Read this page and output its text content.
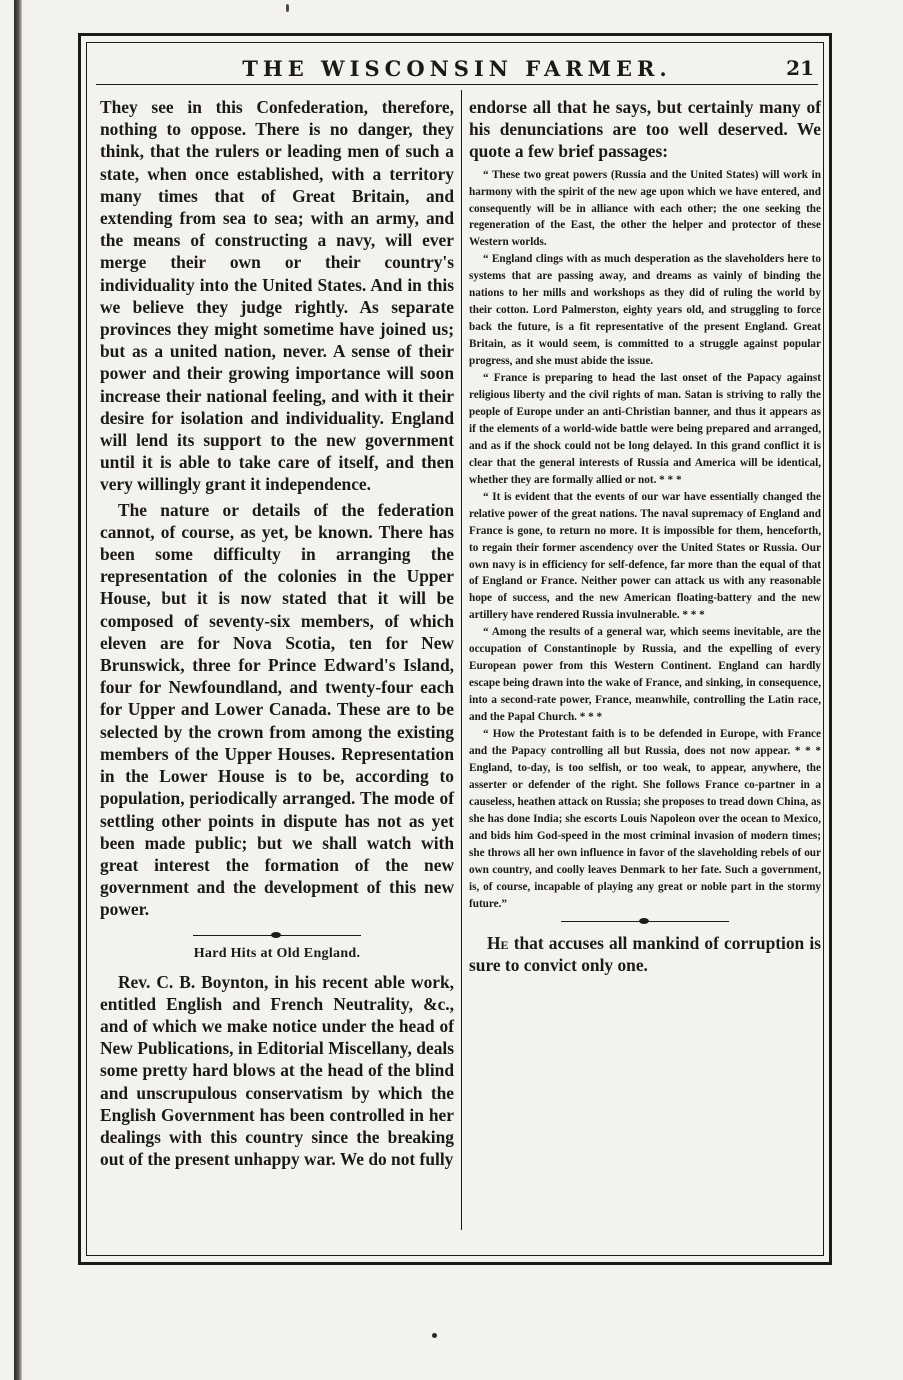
THE WISCONSIN FARMER.	21

They see in this Confederation, therefore, nothing to oppose. There is no danger, they think, that the rulers or leading men of such a state, when once established, with a territory many times that of Great Britain, and extending from sea to sea; with an army, and the means of constructing a navy, will ever merge their own or their country's individuality into the United States. And in this we believe they judge rightly. As separate provinces they might sometime have joined us; but as a united nation, never. A sense of their power and their growing importance will soon increase their national feeling, and with it their desire for isolation and individuality. England will lend its support to the new government until it is able to take care of itself, and then very willingly grant it independence.

The nature or details of the federation cannot, of course, as yet, be known. There has been some difficulty in arranging the representation of the colonies in the Upper House, but it is now stated that it will be composed of seventy-six members, of which eleven are for Nova Scotia, ten for New Brunswick, three for Prince Edward's Island, four for Newfoundland, and twenty-four each for Upper and Lower Canada. These are to be selected by the crown from among the existing members of the Upper Houses. Representation in the Lower House is to be, according to population, periodically arranged. The mode of settling other points in dispute has not as yet been made public; but we shall watch with great interest the formation of the new government and the development of this new power.

Hard Hits at Old England.

Rev. C. B. Boynton, in his recent able work, entitled English and French Neutrality, &c., and of which we make notice under the head of New Publications, in Editorial Miscellany, deals some pretty hard blows at the head of the blind and unscrupulous conservatism by which the English Government has been controlled in her dealings with this country since the breaking out of the present unhappy war. We do not fully

endorse all that he says, but certainly many of his denunciations are too well deserved. We quote a few brief passages:

“ These two great powers (Russia and the United States) will work in harmony with the spirit of the new age upon which we have entered, and consequently will be in alliance with each other; the one seeking the regeneration of the East, the other the helper and protector of these Western worlds.

“ England clings with as much desperation as the slaveholders here to systems that are passing away, and dreams as vainly of binding the nations to her mills and workshops as they did of ruling the world by their cotton. Lord Palmerston, eighty years old, and struggling to force back the future, is a fit representative of the present England. Great Britain, as it would seem, is committed to a struggle against popular progress, and she must abide the issue.

“ France is preparing to head the last onset of the Papacy against religious liberty and the civil rights of man. Satan is striving to rally the people of Europe under an anti-Christian banner, and thus it appears as if the elements of a world-wide battle were being prepared and arranged, and as if the shock could not be long delayed. In this grand conflict it is clear that the general interests of Russia and America will be identical, whether they are formally allied or not. * * *

“ It is evident that the events of our war have essentially changed the relative power of the great nations. The naval supremacy of England and France is gone, to return no more. It is impossible for them, henceforth, to regain their former ascendency over the United States or Russia. Our own navy is in efficiency for self-defence, far more than the equal of that of England or France. Neither power can attack us with any reasonable hope of success, and the new American floating-battery and the new artillery have rendered Russia invulnerable. * * *

“ Among the results of a general war, which seems inevitable, are the occupation of Constantinople by Russia, and the expelling of every European power from this Western Continent. England can hardly escape being drawn into the wake of France, and sinking, in consequence, into a second-rate power, France, meanwhile, controlling the Latin race, and the Papal Church. * * *

“ How the Protestant faith is to be defended in Europe, with France and the Papacy controlling all but Russia, does not now appear. * * * England, to-day, is too selfish, or too weak, to appear, anywhere, the asserter or defender of the right. She follows France co-partner in a causeless, heathen attack on Russia; she proposes to tread down China, as she has done India; she escorts Louis Napoleon over the ocean to Mexico, and bids him God-speed in the most criminal invasion of modern times; she throws all her own influence in favor of the slaveholding rebels of our own country, and coolly leaves Denmark to her fate. Such a government, is, of course, incapable of playing any great or noble part in the stormy future.”

He that accuses all mankind of corruption is sure to convict only one.
